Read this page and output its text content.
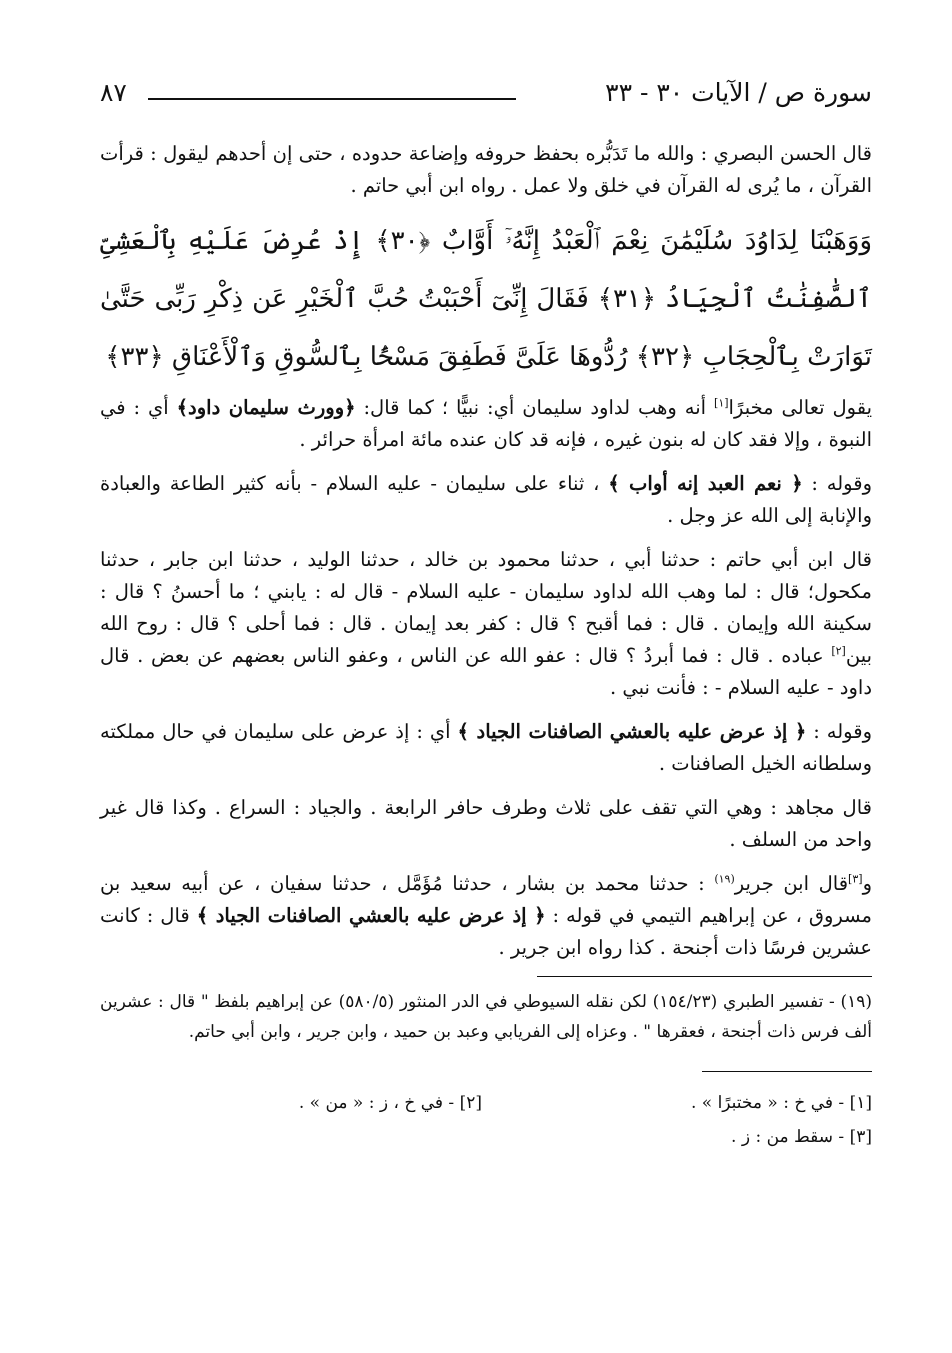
سورة ص / الآيات ٣٠ - ٣٣
٨٧

قال الحسن البصري : والله ما تَدَبُّره بحفظ حروفه وإضاعة حدوده ، حتى إن أحدهم ليقول : قرأت القرآن ، ما يُرى له القرآن في خلق ولا عمل . رواه ابن أبي حاتم .

وَوَهَبْنَا لِدَاوُدَ سُلَيْمَٰنَ نِعْمَ ٱلْعَبْدُ إِنَّهُۥٓ أَوَّابٌ ﴿٣٠﴾ إِذْ عُرِضَ عَلَيْهِ بِٱلْعَشِىِّ ٱلصَّٰفِنَٰتُ ٱلْجِيَادُ ﴿٣١﴾ فَقَالَ إِنِّىٓ أَحْبَبْتُ حُبَّ ٱلْخَيْرِ عَن ذِكْرِ رَبِّى حَتَّىٰ تَوَارَتْ بِٱلْحِجَابِ ﴿٣٢﴾ رُدُّوهَا عَلَىَّ فَطَفِقَ مَسْحًۢا بِٱلسُّوقِ وَٱلْأَعْنَاقِ ﴿٣٣﴾

يقول تعالى مخبرًا[١] أنه وهب لداود سليمان أي: نبيًّا ؛ كما قال: ﴿وورث سليمان داود﴾ أي : في النبوة ، وإلا فقد كان له بنون غيره ، فإنه قد كان عنده مائة امرأة حرائر .

وقوله : ﴿ نعم العبد إنه أواب ﴾ ، ثناء على سليمان - عليه السلام - بأنه كثير الطاعة والعبادة والإنابة إلى الله عز وجل .

قال ابن أبي حاتم : حدثنا أبي ، حدثنا محمود بن خالد ، حدثنا الوليد ، حدثنا ابن جابر ، حدثنا مكحول؛ قال : لما وهب الله لداود سليمان - عليه السلام - قال له : يابني ؛ ما أحسنُ ؟ قال : سكينة الله وإيمان . قال : فما أقبح ؟ قال : كفر بعد إيمان . قال : فما أحلى ؟ قال : روح الله بين[٢] عباده . قال : فما أبردُ ؟ قال : عفو الله عن الناس ، وعفو الناس بعضهم عن بعض . قال داود - عليه السلام - : فأنت نبي .

وقوله : ﴿ إذ عرض عليه بالعشي الصافنات الجياد ﴾ أي : إذ عرض على سليمان في حال مملكته وسلطانه الخيل الصافنات .

قال مجاهد : وهي التي تقف على ثلاث وطرف حافر الرابعة . والجياد : السراع . وكذا قال غير واحد من السلف .

و[٣]قال ابن جرير$^{(١٩)}$ : حدثنا محمد بن بشار ، حدثنا مُؤَمَّل ، حدثنا سفيان ، عن أبيه سعيد بن مسروق ، عن إبراهيم التيمي في قوله : ﴿ إذ عرض عليه بالعشي الصافنات الجياد ﴾ قال : كانت عشرين فرسًا ذات أجنحة . كذا رواه ابن جرير .

(١٩) - تفسير الطبري (١٥٤/٢٣) لكن نقله السيوطي في الدر المنثور (٥٨٠/٥) عن إبراهيم بلفظ " قال : عشرين ألف فرس ذات أجنحة ، فعقرها " . وعزاه إلى الفريابي وعبد بن حميد ، وابن جرير ، وابن أبي حاتم.

[١] - في خ : « مختبرًا » .
[٢] - في خ ، ز : « من » .
[٣] - سقط من : ز .
